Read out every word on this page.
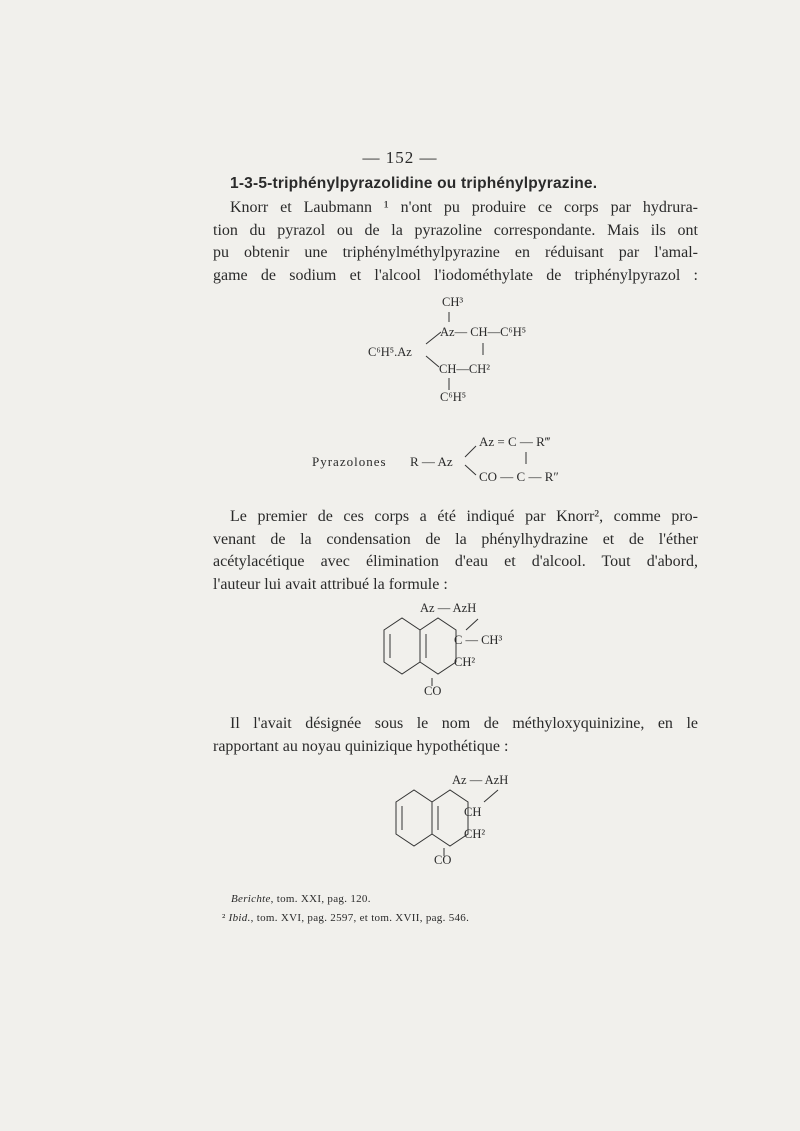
— 152 —
1-3-5-triphénylpyrazolidine ou triphénylpyrazine.
Knorr et Laubmann ¹ n'ont pu produire ce corps par hydrura-
tion du pyrazol ou de la pyrazoline correspondante. Mais ils ont
pu obtenir une triphénylméthylpyrazine en réduisant par l'amal-
game de sodium et l'alcool l'iodométhylate de triphénylpyrazol :
CH³
Az— CH—C⁶H⁵
C⁶H⁵.Az
CH—CH²
C⁶H⁵
Pyrazolones R — Az
Az = C — R‴
CO — C — R″
Le premier de ces corps a été indiqué par Knorr², comme pro-
venant de la condensation de la phénylhydrazine et de l'éther
acétylacétique avec élimination d'eau et d'alcool. Tout d'abord,
l'auteur lui avait attribué la formule :
Az — AzH
C — CH³
CH²
CO
Il l'avait désignée sous le nom de méthyloxyquinizine, en le
rapportant au noyau quinizique hypothétique :
Az — AzH
CH
CH²
CO
Berichte, tom. XXI, pag. 120.
² Ibid., tom. XVI, pag. 2597, et tom. XVII, pag. 546.
